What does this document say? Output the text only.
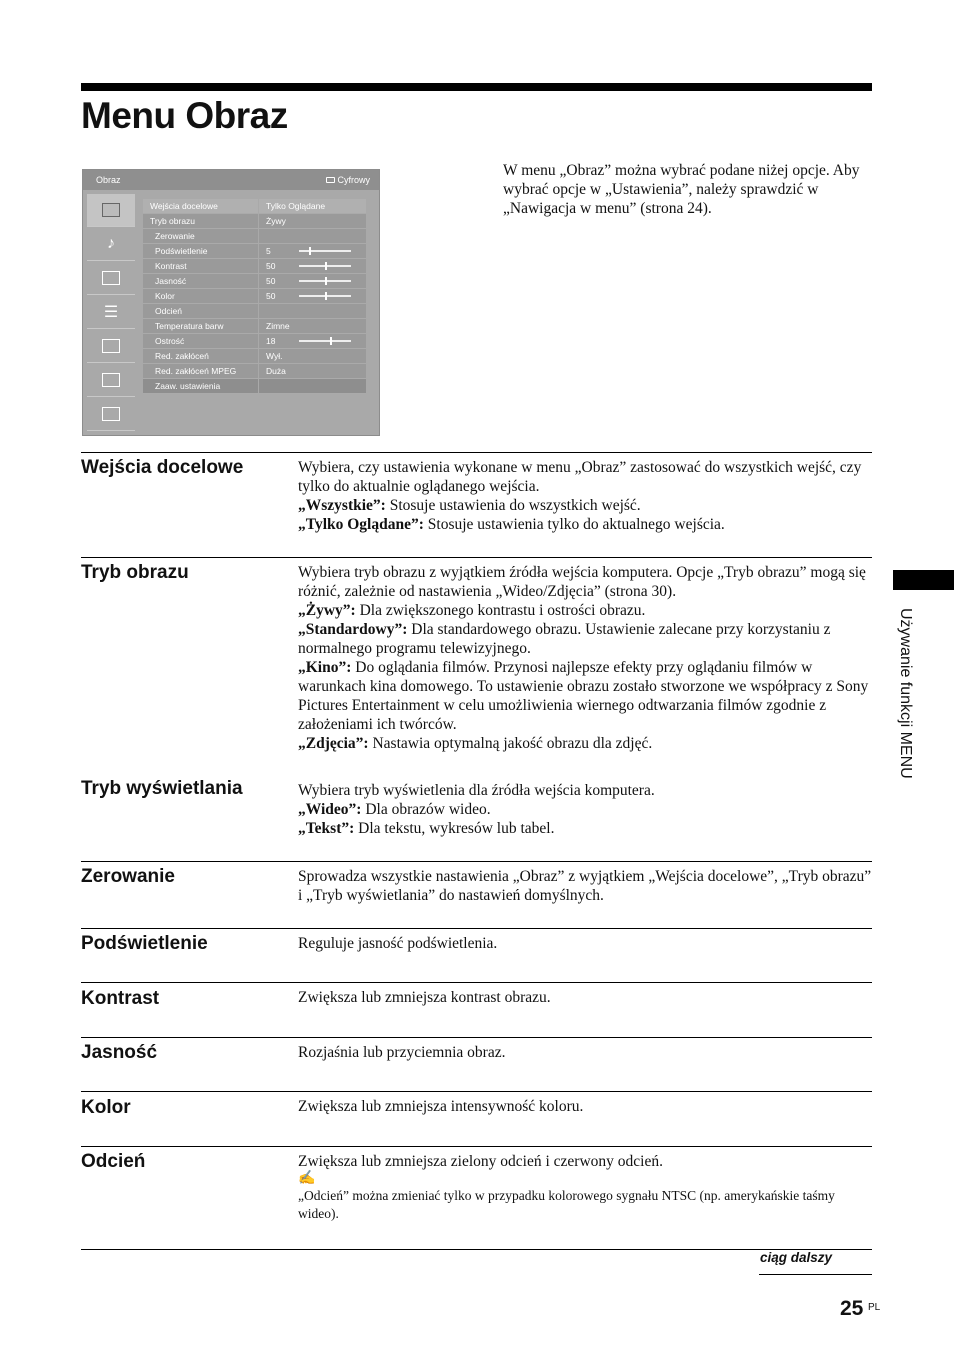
Menu Obraz

W menu „Obraz” można wybrać podane niżej opcje. Aby wybrać opcje w „Ustawienia”, należy sprawdzić w „Nawigacja w menu” (strona 24).

Obraz	Cyfrowy
♪
☰
Wejścia docelowe	Tylko Oglądane
Tryb obrazu	Żywy
Zerowanie
Podświetlenie	5
Kontrast	50
Jasność	50
Kolor	50
Odcień
Temperatura barw	Zimne
Ostrość	18
Red. zakłóceń	Wył.
Red. zakłóceń MPEG	Duża
Zaaw. ustawienia
Wejścia docelowe	Wybiera, czy ustawienia wykonane w menu „Obraz” zastosować do wszystkich wejść, czy tylko do aktualnie oglądanego wejścia.
„Wszystkie”: Stosuje ustawienia do wszystkich wejść.
„Tylko Oglądane”: Stosuje ustawienia tylko do aktualnego wejścia.
Tryb obrazu	Wybiera tryb obrazu z wyjątkiem źródła wejścia komputera. Opcje „Tryb obrazu” mogą się różnić, zależnie od nastawienia „Wideo/Zdjęcia” (strona 30).
„Żywy”: Dla zwiększonego kontrastu i ostrości obrazu.
„Standardowy”: Dla standardowego obrazu. Ustawienie zalecane przy korzystaniu z normalnego programu telewizyjnego.
„Kino”: Do oglądania filmów. Przynosi najlepsze efekty przy oglądaniu filmów w warunkach kina domowego. To ustawienie obrazu zostało stworzone we współpracy z Sony Pictures Entertainment w celu umożliwienia wiernego odtwarzania filmów zgodnie z założeniami ich twórców.
„Zdjęcia”: Nastawia optymalną jakość obrazu dla zdjęć.
Tryb wyświetlania	Wybiera tryb wyświetlenia dla źródła wejścia komputera.
„Wideo”: Dla obrazów wideo.
„Tekst”: Dla tekstu, wykresów lub tabel.
Zerowanie	Sprowadza wszystkie nastawienia „Obraz” z wyjątkiem „Wejścia docelowe”, „Tryb obrazu” i „Tryb wyświetlania” do nastawień domyślnych.
Podświetlenie	Reguluje jasność podświetlenia.
Kontrast	Zwiększa lub zmniejsza kontrast obrazu.
Jasność	Rozjaśnia lub przyciemnia obraz.
Kolor	Zwiększa lub zmniejsza intensywność koloru.
Odcień	Zwiększa lub zmniejsza zielony odcień i czerwony odcień.
✍
„Odcień” można zmieniać tylko w przypadku kolorowego sygnału NTSC (np. amerykańskie taśmy wideo).
Używanie funkcji MENU
ciąg dalszy
25 PL
